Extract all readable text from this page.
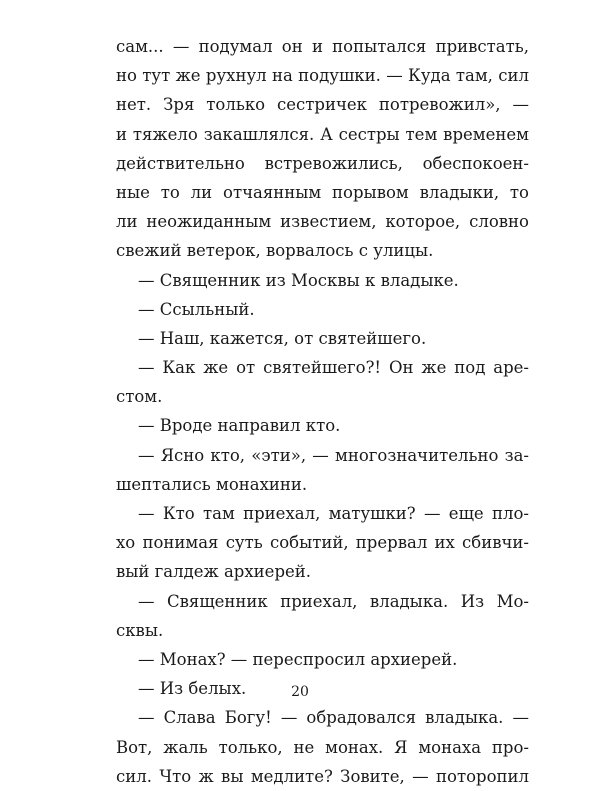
сам... — подумал он и попытался привстать,
но тут же рухнул на подушки. — Куда там, сил
нет. Зря только сестричек потревожил», —
и тяжело закашлялся. А сестры тем временем
действительно встревожились, обеспокоен-
ные то ли отчаянным порывом владыки, то
ли неожиданным известием, которое, словно
свежий ветерок, ворвалось с улицы.
— Священник из Москвы к владыке.
— Ссыльный.
— Наш, кажется, от святейшего.
— Как же от святейшего?! Он же под аре-
стом.
— Вроде направил кто.
— Ясно кто, «эти», — многозначительно за-
шептались монахини.
— Кто там приехал, матушки? — еще пло-
хо понимая суть событий, прервал их сбивчи-
вый галдеж архиерей.
— Священник приехал, владыка. Из Мо-
сквы.
— Монах? — переспросил архиерей.
— Из белых.
— Слава Богу! — обрадовался владыка. —
Вот, жаль только, не монах. Я монаха про-
сил. Что ж вы медлите? Зовите, — поторопил
20
